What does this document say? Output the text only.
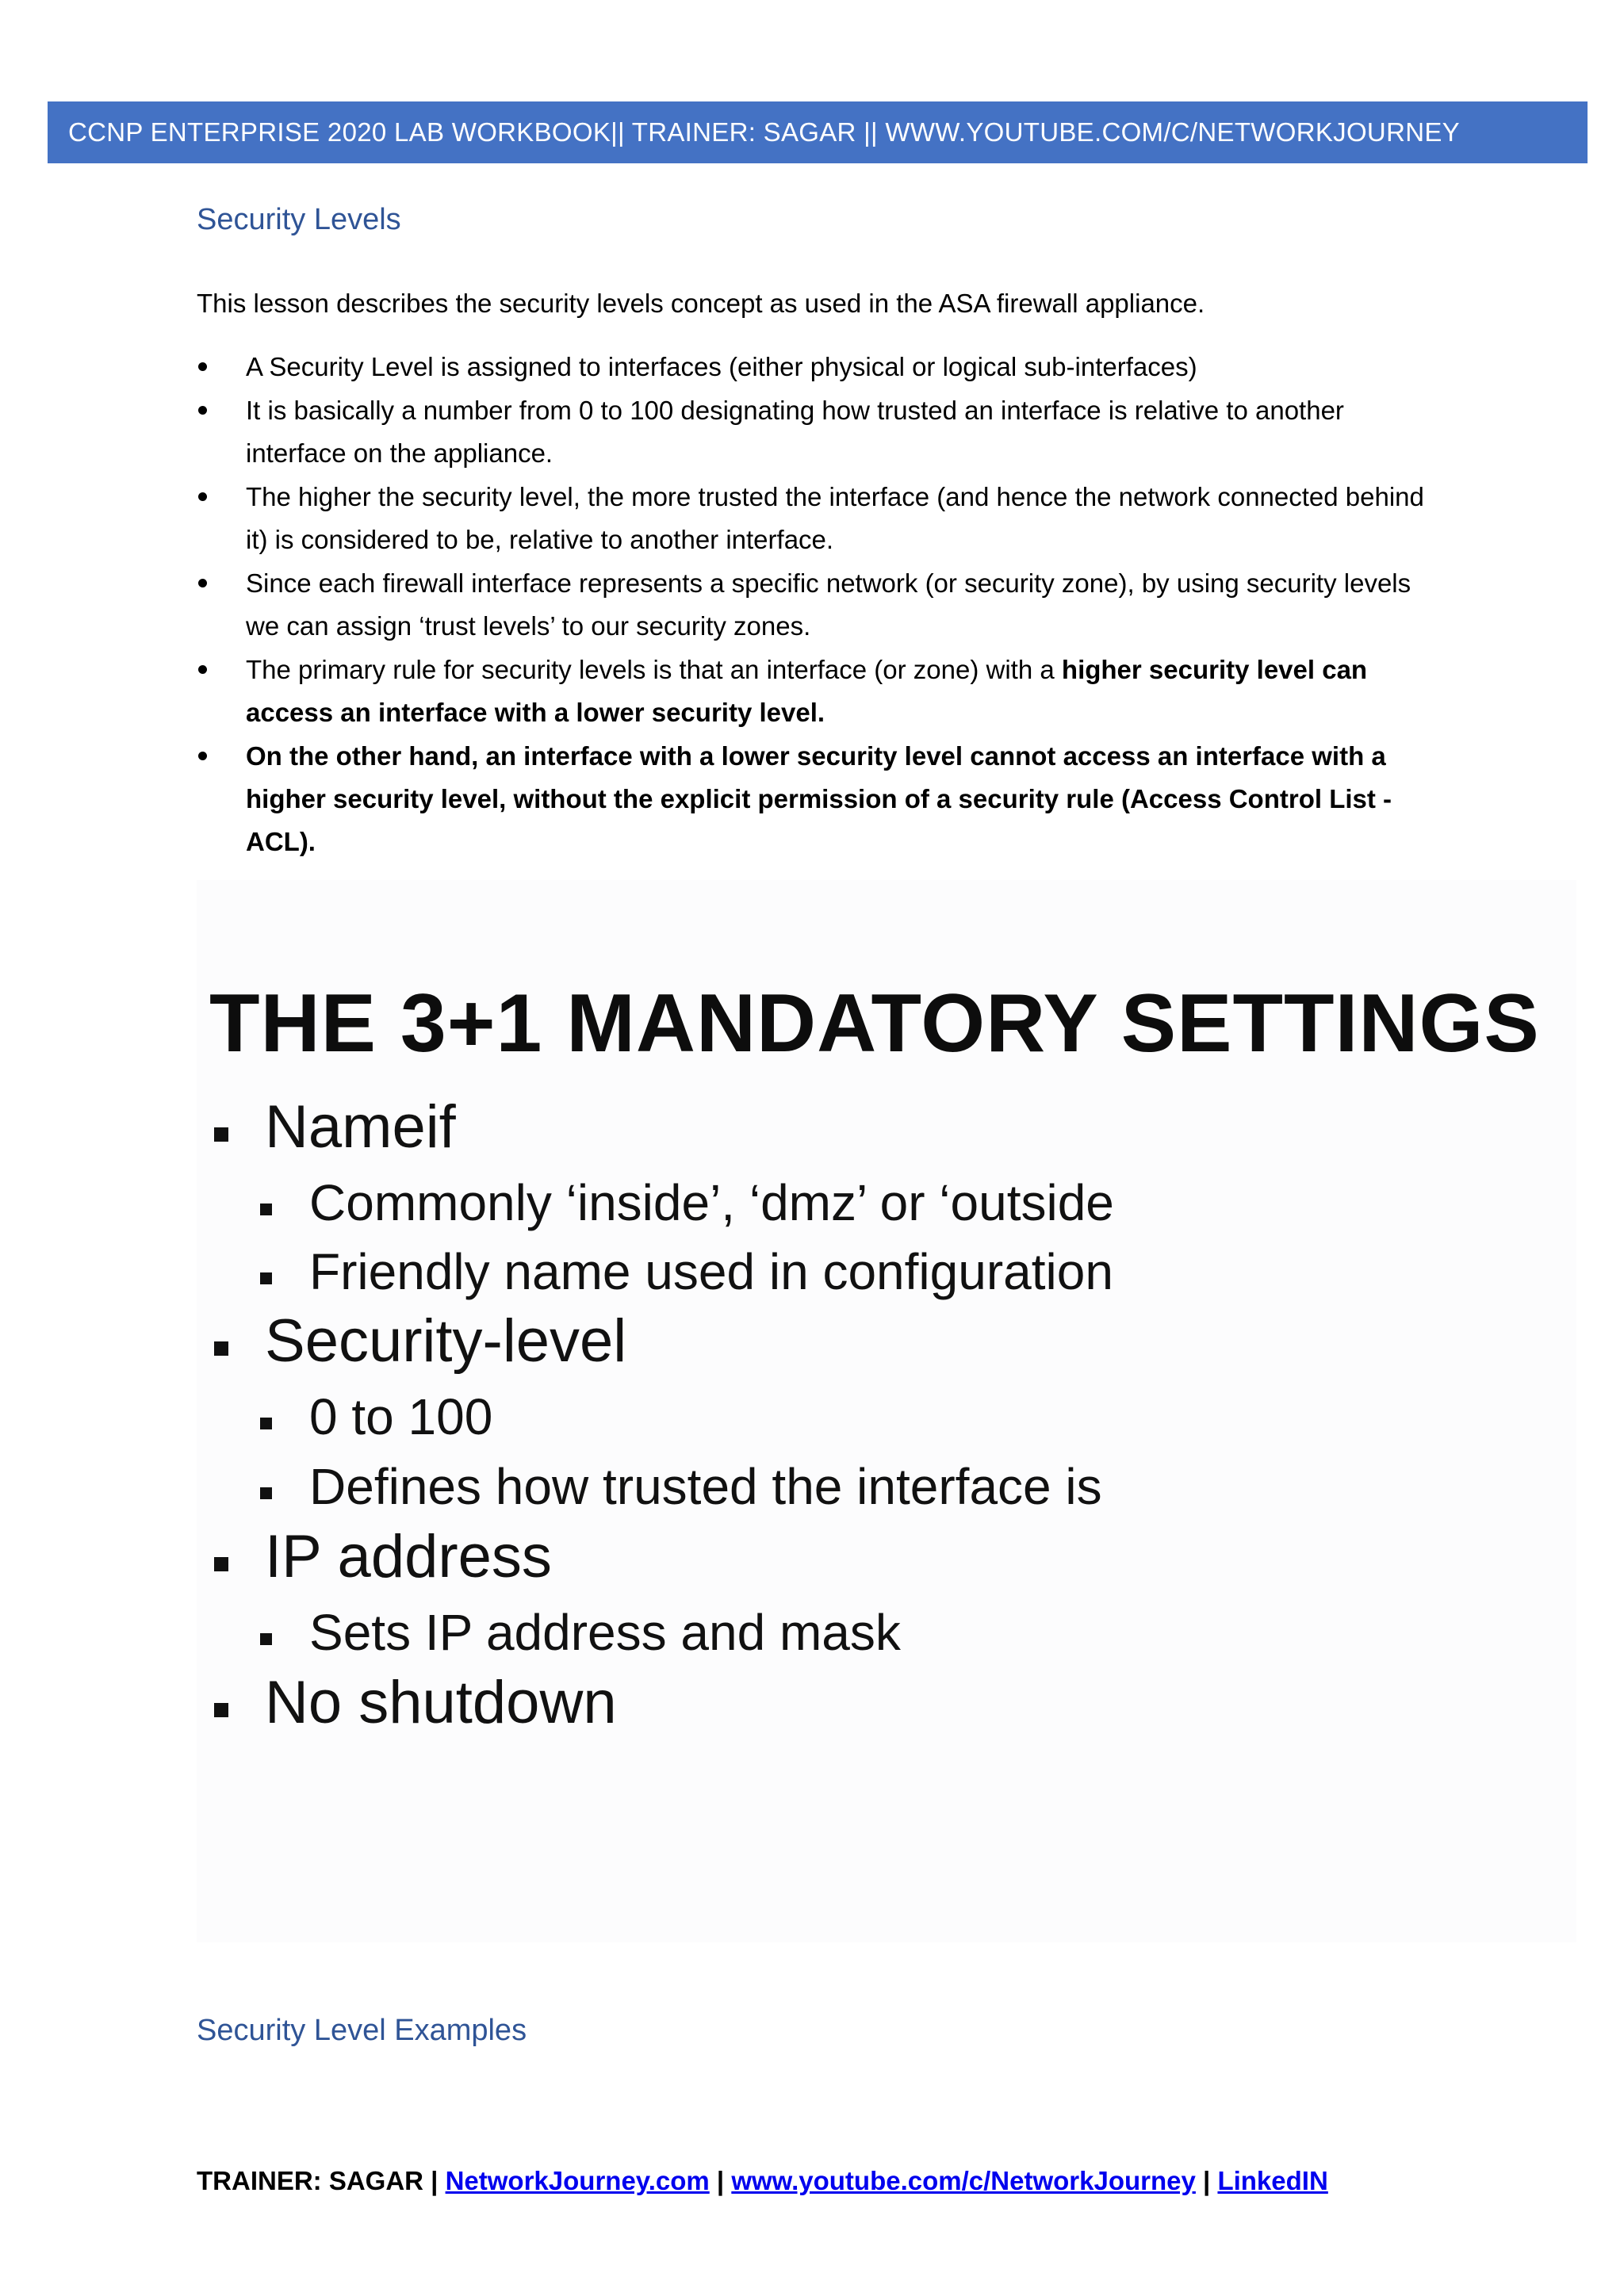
CCNP ENTERPRISE 2020 LAB WORKBOOK|| TRAINER: SAGAR || WWW.YOUTUBE.COM/C/NETWORKJOURNEY
Security Levels
This lesson describes the security levels concept as used in the ASA firewall appliance.
A Security Level is assigned to interfaces (either physical or logical sub-interfaces)
It is basically a number from 0 to 100 designating how trusted an interface is relative to another interface on the appliance.
The higher the security level, the more trusted the interface (and hence the network connected behind it) is considered to be, relative to another interface.
Since each firewall interface represents a specific network (or security zone), by using security levels we can assign ‘trust levels’ to our security zones.
The primary rule for security levels is that an interface (or zone) with a higher security level can access an interface with a lower security level.
On the other hand, an interface with a lower security level cannot access an interface with a higher security level, without the explicit permission of a security rule (Access Control List - ACL).
THE 3+1 MANDATORY SETTINGS
Nameif
Commonly ‘inside’, ‘dmz’ or ‘outside
Friendly name used in configuration
Security-level
0 to 100
Defines how trusted the interface is
IP address
Sets IP address and mask
No shutdown
Security Level Examples
TRAINER: SAGAR | NetworkJourney.com | www.youtube.com/c/NetworkJourney | LinkedIN
